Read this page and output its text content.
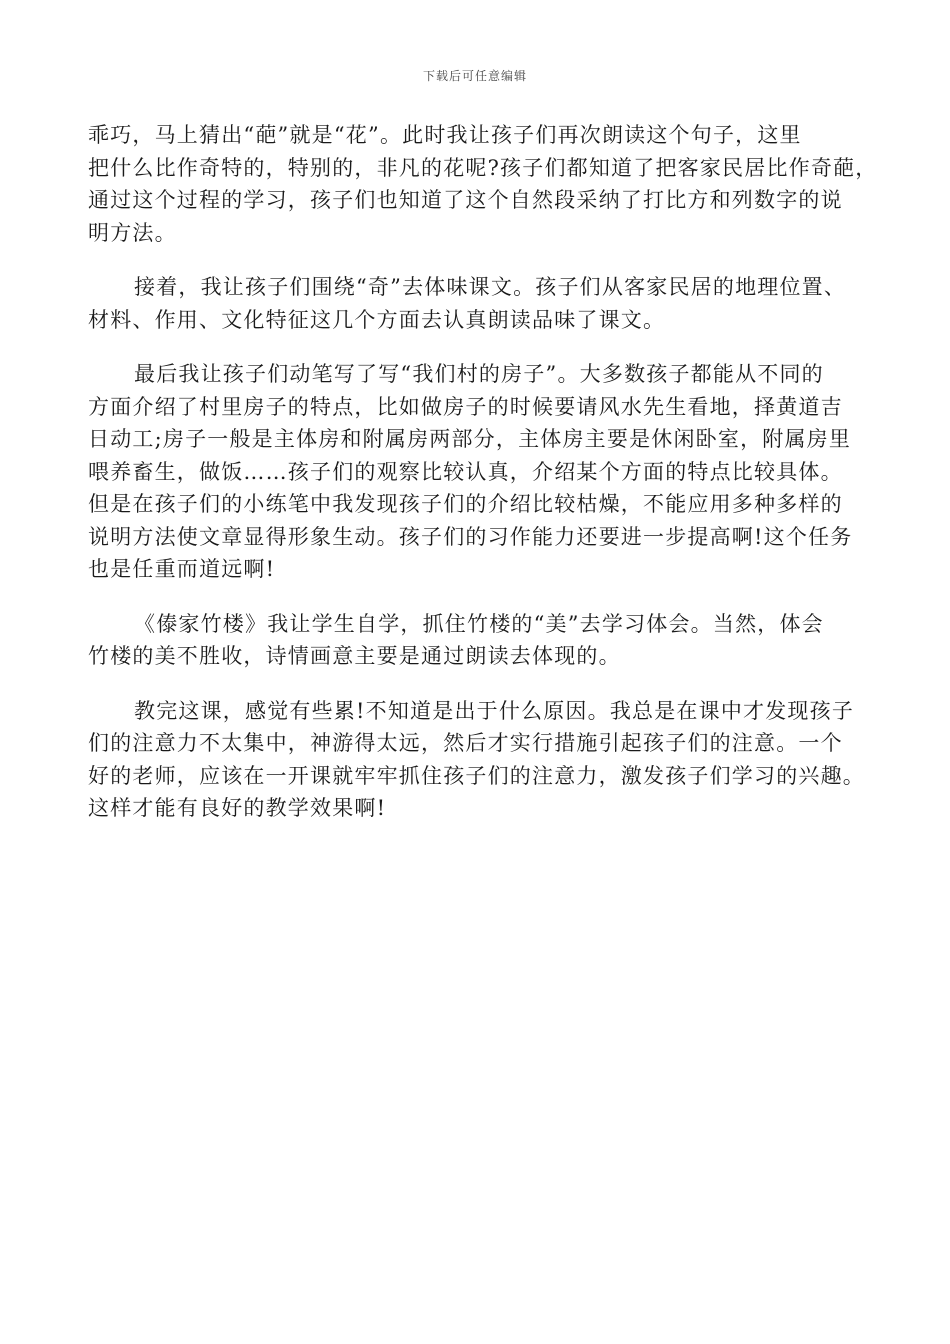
下载后可任意编辑
乖巧，马上猜出“葩”就是“花”。此时我让孩子们再次朗读这个句子，这里
把什么比作奇特的，特别的，非凡的花呢?孩子们都知道了把客家民居比作奇葩，
通过这个过程的学习，孩子们也知道了这个自然段采纳了打比方和列数字的说
明方法。
接着，我让孩子们围绕“奇”去体味课文。孩子们从客家民居的地理位置、
材料、作用、文化特征这几个方面去认真朗读品味了课文。
最后我让孩子们动笔写了写“我们村的房子”。大多数孩子都能从不同的
方面介绍了村里房子的特点，比如做房子的时候要请风水先生看地，择黄道吉
日动工;房子一般是主体房和附属房两部分，主体房主要是休闲卧室，附属房里
喂养畜生，做饭……孩子们的观察比较认真，介绍某个方面的特点比较具体。
但是在孩子们的小练笔中我发现孩子们的介绍比较枯燥，不能应用多种多样的
说明方法使文章显得形象生动。孩子们的习作能力还要进一步提高啊!这个任务
也是任重而道远啊!
《傣家竹楼》我让学生自学，抓住竹楼的“美”去学习体会。当然，体会
竹楼的美不胜收，诗情画意主要是通过朗读去体现的。
教完这课，感觉有些累!不知道是出于什么原因。我总是在课中才发现孩子
们的注意力不太集中，神游得太远，然后才实行措施引起孩子们的注意。一个
好的老师，应该在一开课就牢牢抓住孩子们的注意力，激发孩子们学习的兴趣。
这样才能有良好的教学效果啊!
